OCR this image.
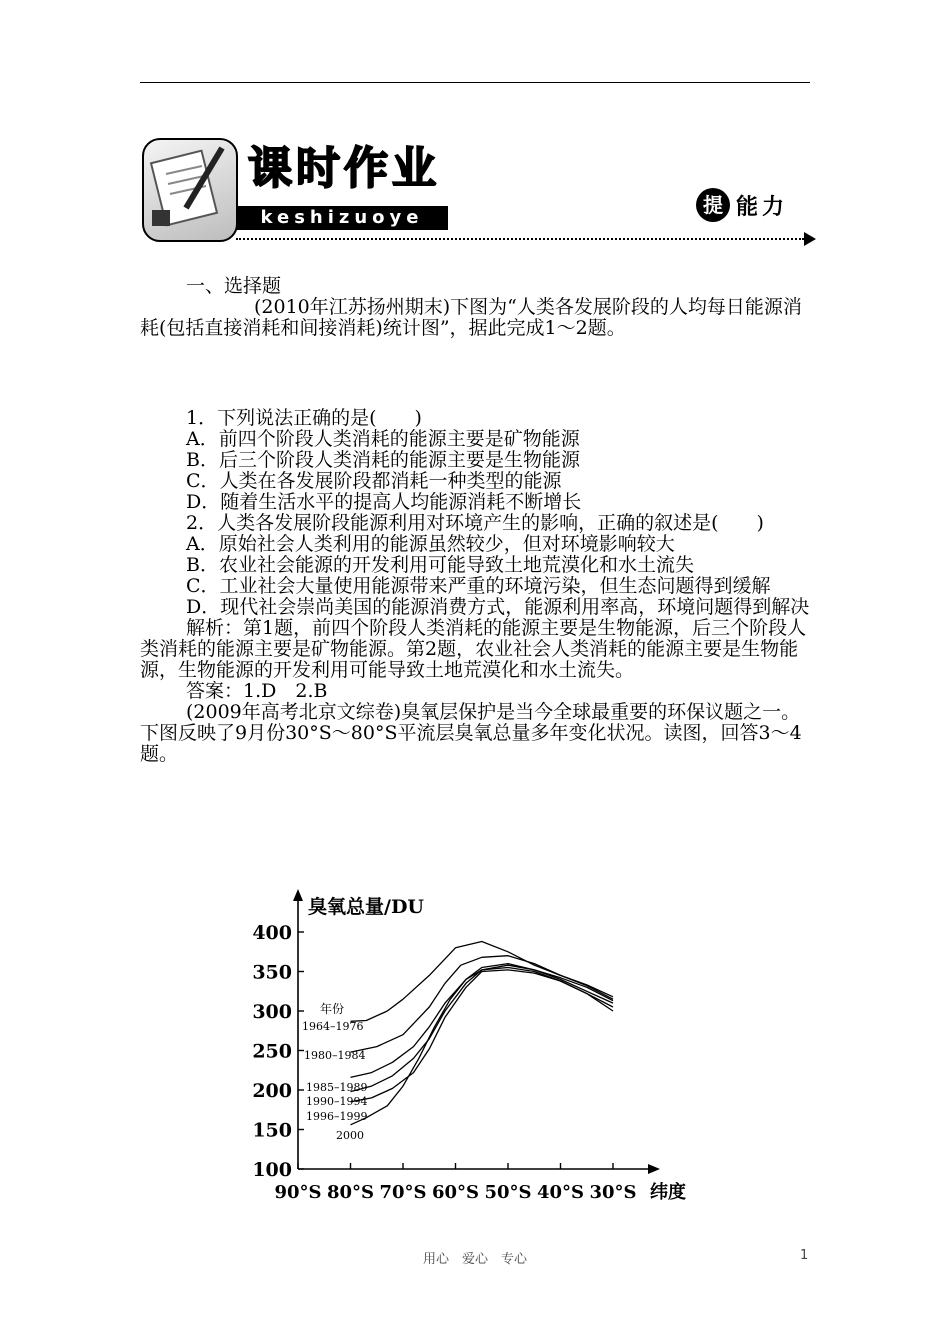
课时作业
keshizuoye
提 能力

一、选择题

(2010年江苏扬州期末)下图为“人类各发展阶段的人均每日能源消耗(包括直接消耗和间接消耗)统计图”，据此完成1～2题。

1．下列说法正确的是(　　)

A．前四个阶段人类消耗的能源主要是矿物能源

B．后三个阶段人类消耗的能源主要是生物能源

C．人类在各发展阶段都消耗一种类型的能源

D．随着生活水平的提高人均能源消耗不断增长

2．人类各发展阶段能源利用对环境产生的影响，正确的叙述是(　　)

A．原始社会人类利用的能源虽然较少，但对环境影响较大

B．农业社会能源的开发利用可能导致土地荒漠化和水土流失

C．工业社会大量使用能源带来严重的环境污染，但生态问题得到缓解

D．现代社会崇尚美国的能源消费方式，能源利用率高，环境问题得到解决

解析：第1题，前四个阶段人类消耗的能源主要是生物能源，后三个阶段人类消耗的能源主要是矿物能源。第2题，农业社会人类消耗的能源主要是生物能源，生物能源的开发利用可能导致土地荒漠化和水土流失。

答案：1.D　2.B

(2009年高考北京文综卷)臭氧层保护是当今全球最重要的环保议题之一。下图反映了9月份30°S～80°S平流层臭氧总量多年变化状况。读图，回答3～4题。

100
150
200
250
300
350
400
90°S 80°S 70°S 60°S 50°S 40°S 30°S
臭氧总量/DU
纬度
年份
1964–1976
1980–1984
1985–1989
1990–1994
1996–1999
2000
用心　爱心　专心	1
